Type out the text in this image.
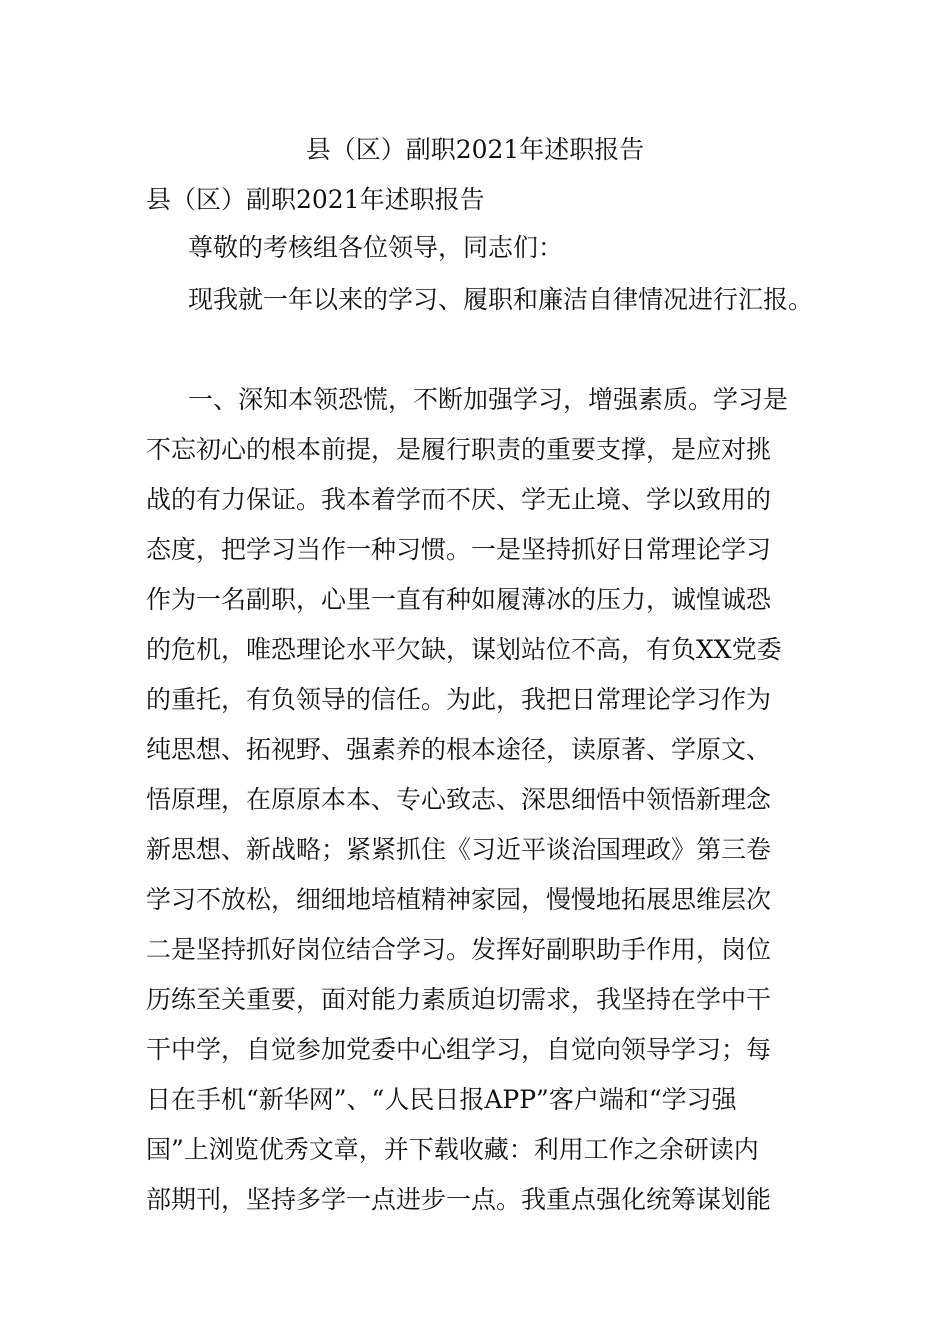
县（区）副职2021年述职报告

县（区）副职2021年述职报告

尊敬的考核组各位领导，同志们：

现我就一年以来的学习、履职和廉洁自律情况进行汇报。

一、深知本领恐慌，不断加强学习，增强素质。学习是
不忘初心的根本前提，是履行职责的重要支撑，是应对挑
战的有力保证。我本着学而不厌、学无止境、学以致用的
态度，把学习当作一种习惯。一是坚持抓好日常理论学习
作为一名副职，心里一直有种如履薄冰的压力，诚惶诚恐
的危机，唯恐理论水平欠缺，谋划站位不高，有负XX党委
的重托，有负领导的信任。为此，我把日常理论学习作为
纯思想、拓视野、强素养的根本途径，读原著、学原文、
悟原理，在原原本本、专心致志、深思细悟中领悟新理念
新思想、新战略；紧紧抓住《习近平谈治国理政》第三卷
学习不放松，细细地培植精神家园，慢慢地拓展思维层次
二是坚持抓好岗位结合学习。发挥好副职助手作用，岗位
历练至关重要，面对能力素质迫切需求，我坚持在学中干
干中学，自觉参加党委中心组学习，自觉向领导学习；每
日在手机“新华网”、“人民日报APP”客户端和“学习强
国”上浏览优秀文章，并下载收藏：利用工作之余研读内
部期刊，坚持多学一点进步一点。我重点强化统筹谋划能
